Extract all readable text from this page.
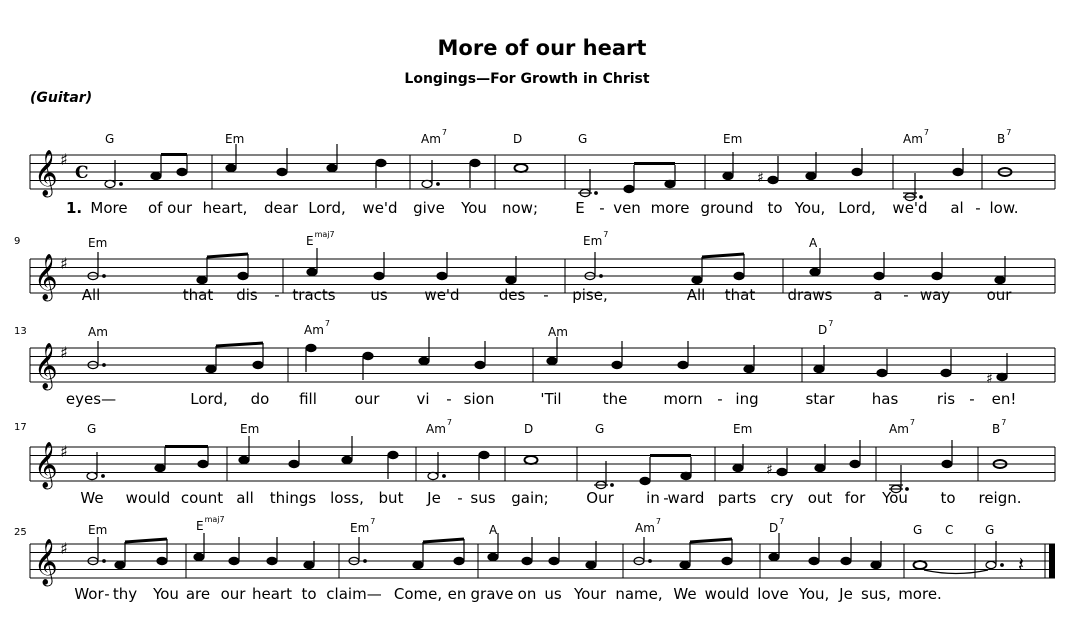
More of our heart
Longings—For Growth in Christ
(Guitar)
𝄞 ♯
C	♯
G	Em	Am$^7$	D	G	Em	Am$^7$	$B^7$
1. More of our heart, dear Lord, we'd give You now; E - ven more ground to You, Lord, we'd al - low.
9
𝄞 ♯
Em	$E^{maj7}$	Em$^7$
A
All	that dis - tracts us we'd	des - pise,	All that draws	a - way our
13
𝄞 ♯
♯
Am	Am$^7$
Am	$D^7$
eyes—	Lord, do fill	our vi - sion	'Til	the morn - ing	star has	ris - en!
17
𝄞 ♯
♯
G	Em	Am$^7$	D	G	Em	Am$^7$	$B^7$
We would count all things loss, but Je - sus gain;	Our in -
ward parts cry out for You to reign.
25
𝄞 ♯
𝄽
Em	$E^{maj7}$
Em$^7$
A	Am$^7$	$D^7$
G C	G
Wor - thy You are our heart to claim— Come, en grave on us Your name, We would love You, Je sus, more.
